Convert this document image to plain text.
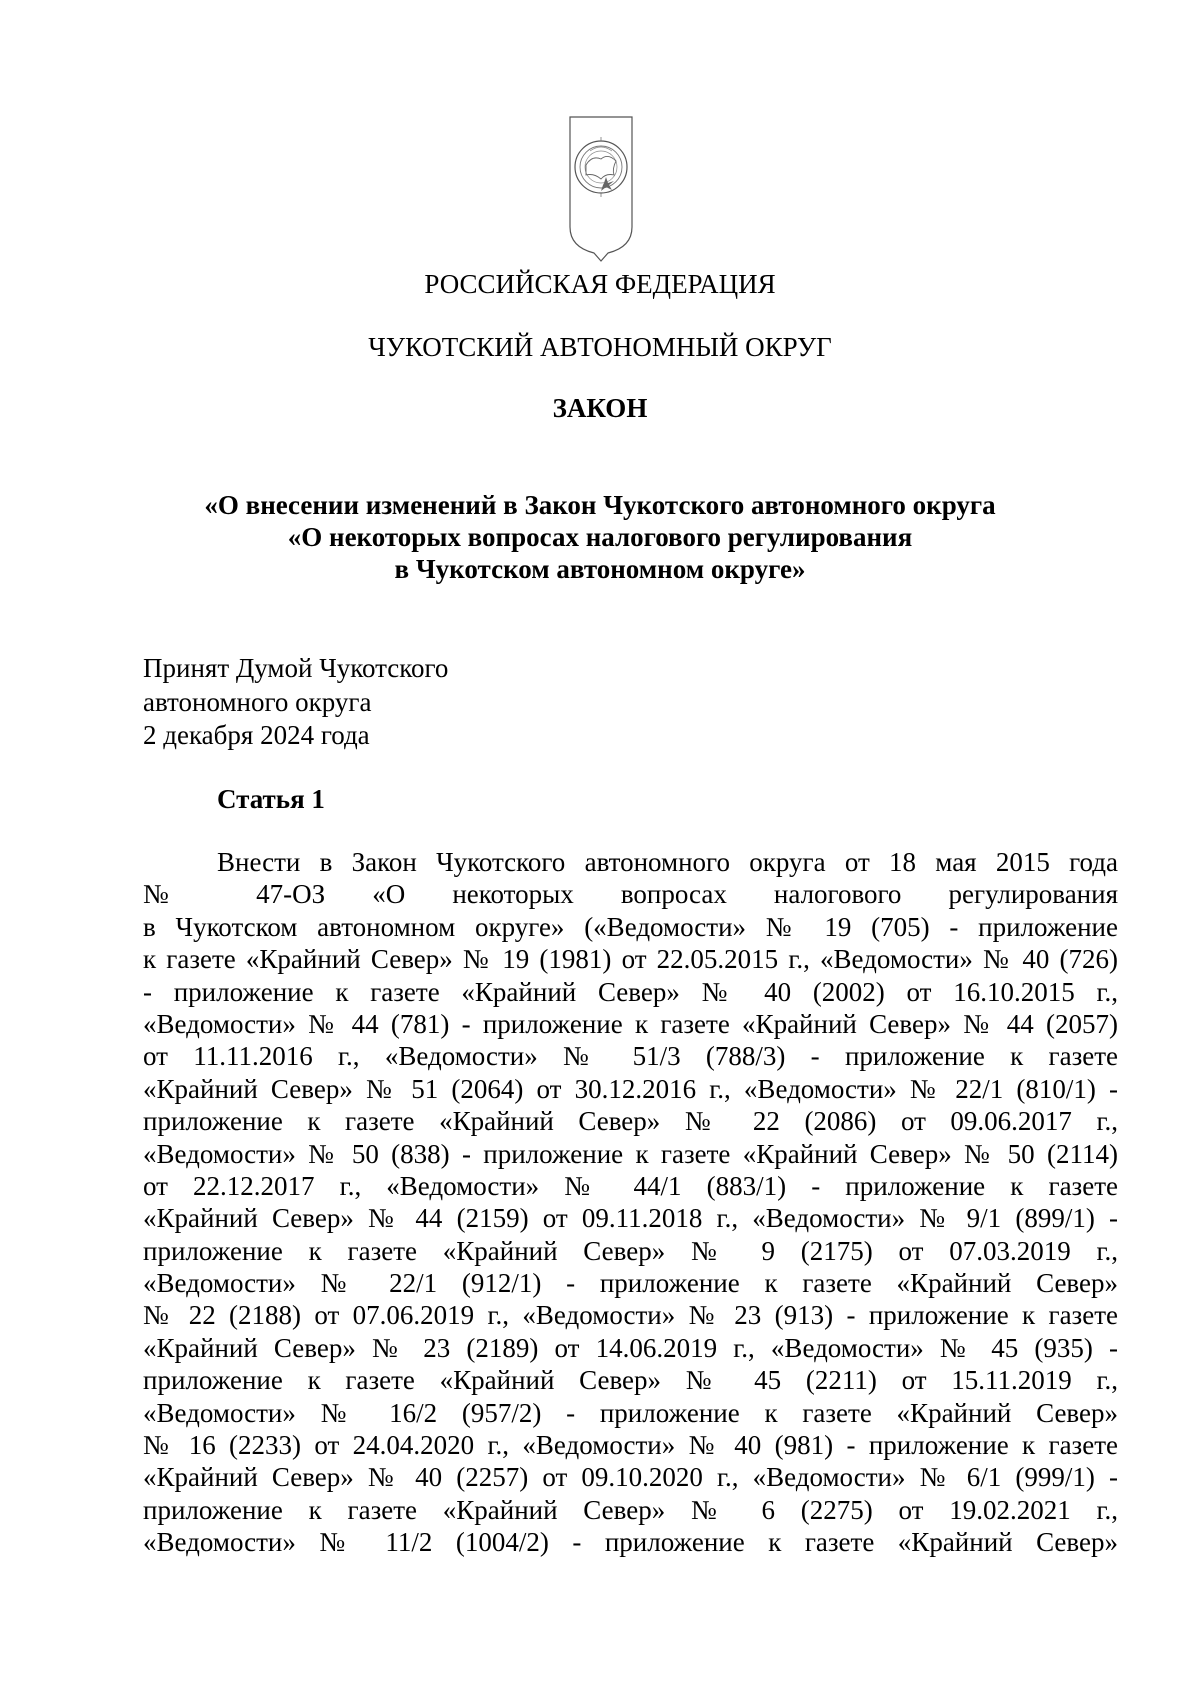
РОССИЙСКАЯ ФЕДЕРАЦИЯ
ЧУКОТСКИЙ АВТОНОМНЫЙ ОКРУГ
ЗАКОН
«О внесении изменений в Закон Чукотского автономного округа
«О некоторых вопросах налогового регулирования
в Чукотском автономном округе»
Принят Думой Чукотского
автономного округа
2 декабря 2024 года
Статья 1
Внести в Закон Чукотского автономного округа от 18 мая 2015 года
№ 47-ОЗ «О некоторых вопросах налогового регулирования
в Чукотском автономном округе» («Ведомости» № 19 (705) - приложение
к газете «Крайний Север» № 19 (1981) от 22.05.2015 г., «Ведомости» № 40 (726)
- приложение к газете «Крайний Север» № 40 (2002) от 16.10.2015 г.,
«Ведомости» № 44 (781) - приложение к газете «Крайний Север» № 44 (2057)
от 11.11.2016 г., «Ведомости» № 51/3 (788/3) - приложение к газете
«Крайний Север» № 51 (2064) от 30.12.2016 г., «Ведомости» № 22/1 (810/1) -
приложение к газете «Крайний Север» № 22 (2086) от 09.06.2017 г.,
«Ведомости» № 50 (838) - приложение к газете «Крайний Север» № 50 (2114)
от 22.12.2017 г., «Ведомости» № 44/1 (883/1) - приложение к газете
«Крайний Север» № 44 (2159) от 09.11.2018 г., «Ведомости» № 9/1 (899/1) -
приложение к газете «Крайний Север» № 9 (2175) от 07.03.2019 г.,
«Ведомости» № 22/1 (912/1) - приложение к газете «Крайний Север»
№ 22 (2188) от 07.06.2019 г., «Ведомости» № 23 (913) - приложение к газете
«Крайний Север» № 23 (2189) от 14.06.2019 г., «Ведомости» № 45 (935) -
приложение к газете «Крайний Север» № 45 (2211) от 15.11.2019 г.,
«Ведомости» № 16/2 (957/2) - приложение к газете «Крайний Север»
№ 16 (2233) от 24.04.2020 г., «Ведомости» № 40 (981) - приложение к газете
«Крайний Север» № 40 (2257) от 09.10.2020 г., «Ведомости» № 6/1 (999/1) -
приложение к газете «Крайний Север» № 6 (2275) от 19.02.2021 г.,
«Ведомости» № 11/2 (1004/2) - приложение к газете «Крайний Север»
